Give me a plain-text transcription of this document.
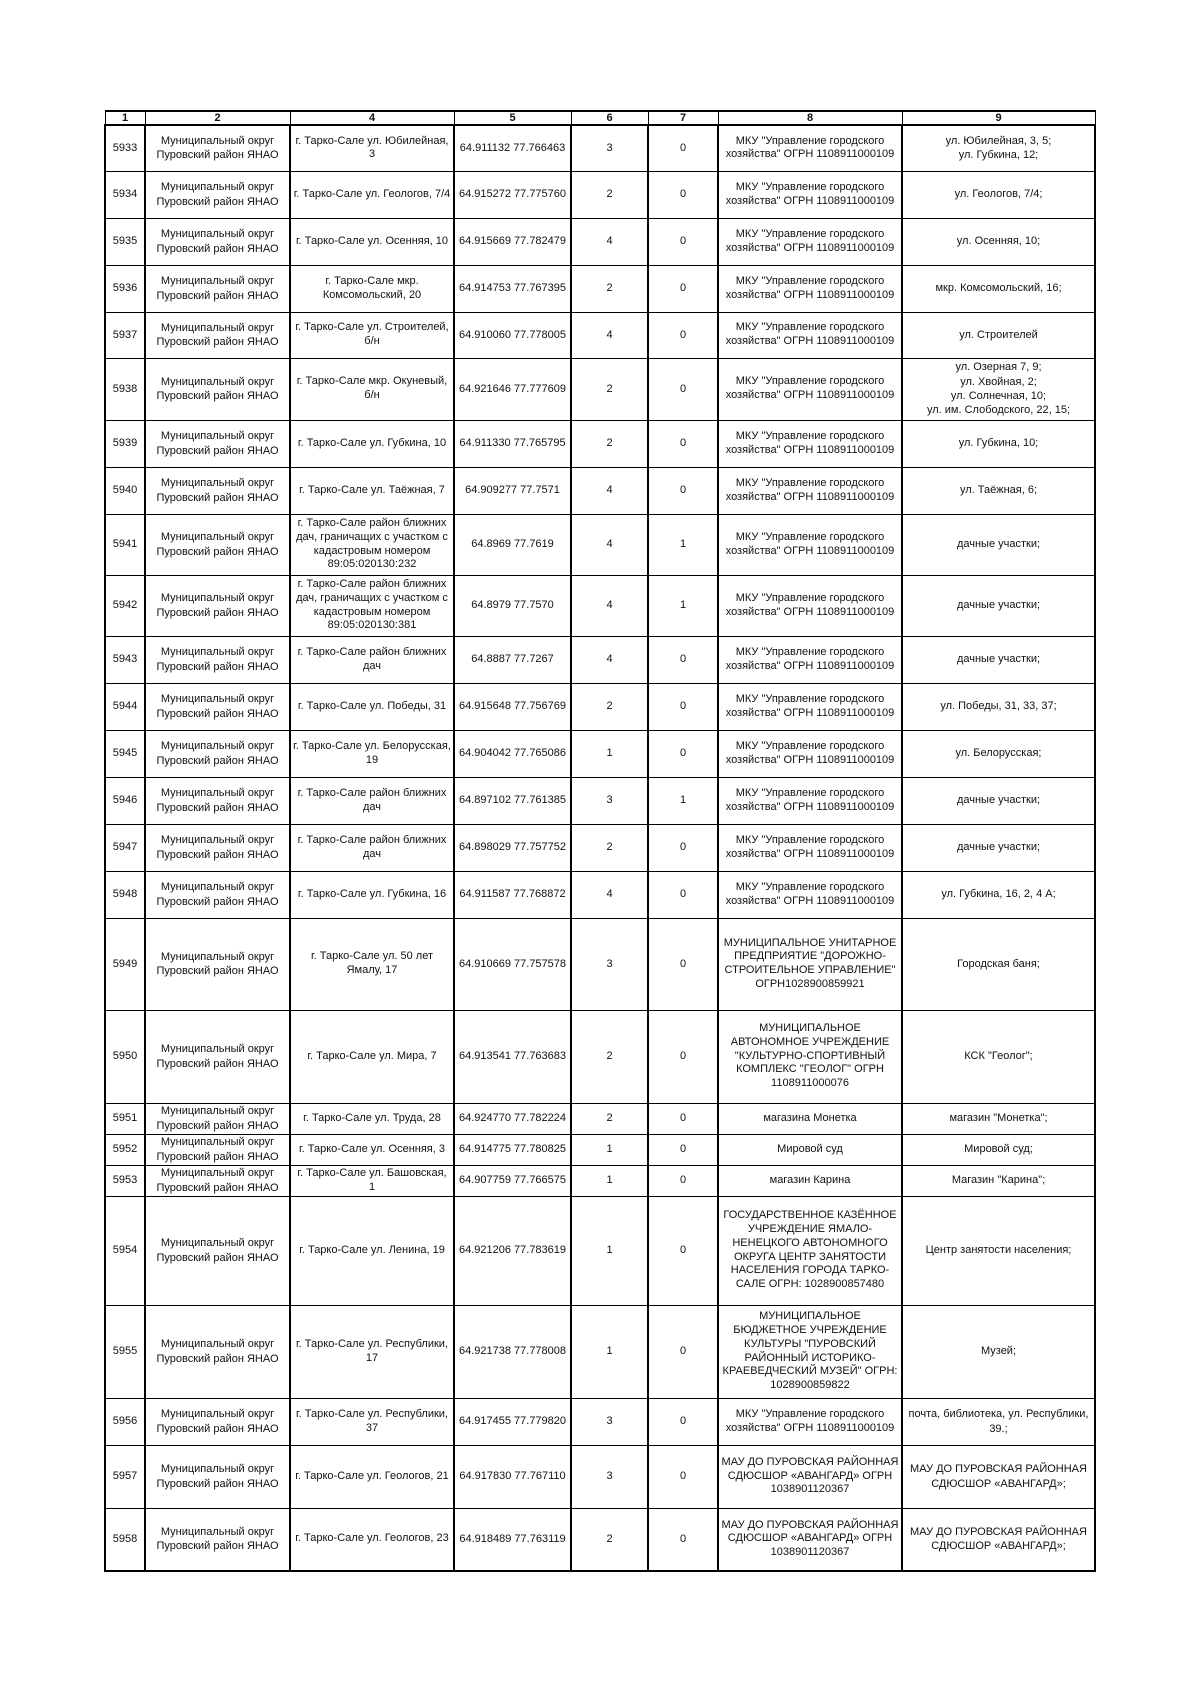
1	2	4	5	6	7	8	9
5933	Муниципальный округ Пуровский район ЯНАО	г. Тарко-Сале ул. Юбилейная, 3	64.911132 77.766463	3	0	МКУ "Управление городского хозяйства" ОГРН 1108911000109	ул. Юбилейная, 3, 5;
ул. Губкина, 12;

5934	Муниципальный округ Пуровский район ЯНАО	г. Тарко-Сале ул. Геологов, 7/4	64.915272 77.775760	2	0	МКУ "Управление городского хозяйства" ОГРН 1108911000109	ул. Геологов, 7/4;
5935	Муниципальный округ Пуровский район ЯНАО	г. Тарко-Сале ул. Осенняя, 10	64.915669 77.782479	4	0	МКУ "Управление городского хозяйства" ОГРН 1108911000109	ул. Осенняя, 10;
5936	Муниципальный округ Пуровский район ЯНАО	г. Тарко-Сале мкр. Комсомольский, 20	64.914753 77.767395	2	0	МКУ "Управление городского хозяйства" ОГРН 1108911000109	мкр. Комсомольский, 16;
5937	Муниципальный округ Пуровский район ЯНАО	г. Тарко-Сале ул. Строителей, б/н	64.910060 77.778005	4	0	МКУ "Управление городского хозяйства" ОГРН 1108911000109	ул. Строителей
5938	Муниципальный округ Пуровский район ЯНАО	г. Тарко-Сале мкр. Окуневый, б/н	64.921646 77.777609	2	0	МКУ "Управление городского хозяйства" ОГРН 1108911000109	ул. Озерная 7, 9;
ул. Хвойная, 2;
ул. Солнечная, 10;
ул. им. Слободского, 22, 15;

5939	Муниципальный округ Пуровский район ЯНАО	г. Тарко-Сале ул. Губкина, 10	64.911330 77.765795	2	0	МКУ "Управление городского хозяйства" ОГРН 1108911000109	ул. Губкина, 10;
5940	Муниципальный округ Пуровский район ЯНАО	г. Тарко-Сале ул. Таёжная, 7	64.909277 77.7571	4	0	МКУ "Управление городского хозяйства" ОГРН 1108911000109	ул. Таёжная, 6;
5941	Муниципальный округ Пуровский район ЯНАО	г. Тарко-Сале район ближних дач, граничащих с участком с кадастровым номером 89:05:020130:232	64.8969 77.7619	4	1	МКУ "Управление городского хозяйства" ОГРН 1108911000109	дачные участки;
5942	Муниципальный округ Пуровский район ЯНАО	г. Тарко-Сале район ближних дач, граничащих с участком с кадастровым номером 89:05:020130:381	64.8979 77.7570	4	1	МКУ "Управление городского хозяйства" ОГРН 1108911000109	дачные участки;
5943	Муниципальный округ Пуровский район ЯНАО	г. Тарко-Сале район ближних дач	64.8887 77.7267	4	0	МКУ "Управление городского хозяйства" ОГРН 1108911000109	дачные участки;
5944	Муниципальный округ Пуровский район ЯНАО	г. Тарко-Сале ул. Победы, 31	64.915648 77.756769	2	0	МКУ "Управление городского хозяйства" ОГРН 1108911000109	ул. Победы, 31, 33, 37;
5945	Муниципальный округ Пуровский район ЯНАО	г. Тарко-Сале ул. Белорусская, 19	64.904042 77.765086	1	0	МКУ "Управление городского хозяйства" ОГРН 1108911000109	ул. Белорусская;
5946	Муниципальный округ Пуровский район ЯНАО	г. Тарко-Сале район ближних дач	64.897102 77.761385	3	1	МКУ "Управление городского хозяйства" ОГРН 1108911000109	дачные участки;
5947	Муниципальный округ Пуровский район ЯНАО	г. Тарко-Сале район ближних дач	64.898029 77.757752	2	0	МКУ "Управление городского хозяйства" ОГРН 1108911000109	дачные участки;
5948	Муниципальный округ Пуровский район ЯНАО	г. Тарко-Сале ул. Губкина, 16	64.911587 77.768872	4	0	МКУ "Управление городского хозяйства" ОГРН 1108911000109	ул. Губкина, 16, 2, 4 А;
5949	Муниципальный округ Пуровский район ЯНАО	г. Тарко-Сале ул. 50 лет Ямалу, 17	64.910669 77.757578	3	0	МУНИЦИПАЛЬНОЕ УНИТАРНОЕ ПРЕДПРИЯТИЕ "ДОРОЖНО-СТРОИТЕЛЬНОЕ УПРАВЛЕНИЕ" ОГРН1028900859921	Городская баня;
5950	Муниципальный округ Пуровский район ЯНАО	г. Тарко-Сале ул. Мира, 7	64.913541 77.763683	2	0	МУНИЦИПАЛЬНОЕ АВТОНОМНОЕ УЧРЕЖДЕНИЕ "КУЛЬТУРНО-СПОРТИВНЫЙ КОМПЛЕКС "ГЕОЛОГ" ОГРН 1108911000076	КСК "Геолог";
5951	Муниципальный округ Пуровский район ЯНАО	г. Тарко-Сале ул. Труда, 28	64.924770 77.782224	2	0	магазина Монетка	магазин "Монетка";
5952	Муниципальный округ Пуровский район ЯНАО	г. Тарко-Сале ул. Осенняя, 3	64.914775 77.780825	1	0	Мировой суд	Мировой суд;
5953	Муниципальный округ Пуровский район ЯНАО	г. Тарко-Сале ул. Башовская, 1	64.907759 77.766575	1	0	магазин Карина	Магазин "Карина";
5954	Муниципальный округ Пуровский район ЯНАО	г. Тарко-Сале ул. Ленина, 19	64.921206 77.783619	1	0	ГОСУДАРСТВЕННОЕ КАЗЁННОЕ УЧРЕЖДЕНИЕ ЯМАЛО-НЕНЕЦКОГО АВТОНОМНОГО ОКРУГА ЦЕНТР ЗАНЯТОСТИ НАСЕЛЕНИЯ ГОРОДА ТАРКО-САЛЕ ОГРН: 1028900857480	Центр занятости населения;
5955	Муниципальный округ Пуровский район ЯНАО	г. Тарко-Сале ул. Республики, 17	64.921738 77.778008	1	0	МУНИЦИПАЛЬНОЕ БЮДЖЕТНОЕ УЧРЕЖДЕНИЕ КУЛЬТУРЫ "ПУРОВСКИЙ РАЙОННЫЙ ИСТОРИКО-КРАЕВЕДЧЕСКИЙ МУЗЕЙ" ОГРН: 1028900859822	Музей;
5956	Муниципальный округ Пуровский район ЯНАО	г. Тарко-Сале ул. Республики, 37	64.917455 77.779820	3	0	МКУ "Управление городского хозяйства" ОГРН 1108911000109	почта, библиотека, ул. Республики, 39.;
5957	Муниципальный округ Пуровский район ЯНАО	г. Тарко-Сале ул. Геологов, 21	64.917830 77.767110	3	0	МАУ ДО ПУРОВСКАЯ РАЙОННАЯ СДЮСШОР «АВАНГАРД» ОГРН 1038901120367	МАУ ДО ПУРОВСКАЯ РАЙОННАЯ СДЮСШОР «АВАНГАРД»;
5958	Муниципальный округ Пуровский район ЯНАО	г. Тарко-Сале ул. Геологов, 23	64.918489 77.763119	2	0	МАУ ДО ПУРОВСКАЯ РАЙОННАЯ СДЮСШОР «АВАНГАРД» ОГРН 1038901120367	МАУ ДО ПУРОВСКАЯ РАЙОННАЯ СДЮСШОР «АВАНГАРД»;
